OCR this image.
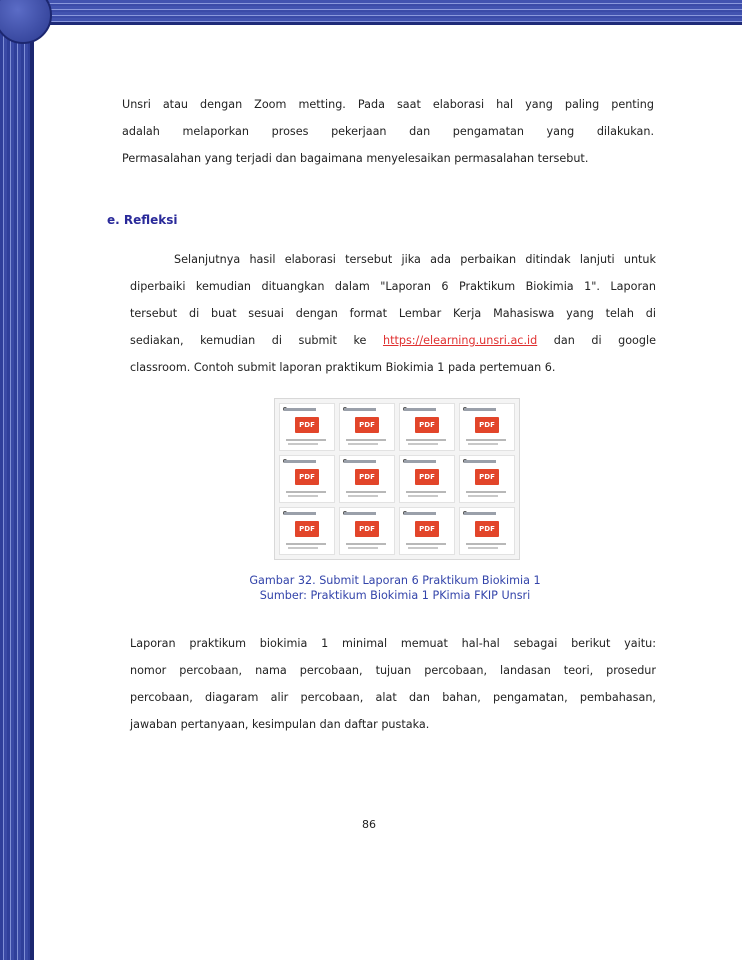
Unsri atau dengan Zoom metting. Pada saat elaborasi hal yang paling penting
adalah melaporkan proses pekerjaan dan pengamatan yang dilakukan.
Permasalahan yang terjadi dan bagaimana menyelesaikan permasalahan tersebut.
e. Refleksi
Selanjutnya hasil elaborasi tersebut jika ada perbaikan ditindak lanjuti untuk
diperbaiki kemudian dituangkan dalam "Laporan 6 Praktikum Biokimia 1". Laporan
tersebut di buat sesuai dengan format Lembar Kerja Mahasiswa yang telah di
sediakan, kemudian di submit ke https://elearning.unsri.ac.id dan di google
classroom. Contoh submit laporan praktikum Biokimia 1 pada pertemuan 6.
PDF	PDF	PDF	PDF
PDF	PDF	PDF	PDF
PDF	PDF	PDF	PDF
Gambar 32. Submit Laporan 6 Praktikum Biokimia 1
Sumber: Praktikum Biokimia 1 PKimia FKIP Unsri
Laporan praktikum biokimia 1 minimal memuat hal-hal sebagai berikut yaitu:
nomor percobaan, nama percobaan, tujuan percobaan, landasan teori, prosedur
percobaan, diagaram alir percobaan, alat dan bahan, pengamatan, pembahasan,
jawaban pertanyaan, kesimpulan dan daftar pustaka.
86
